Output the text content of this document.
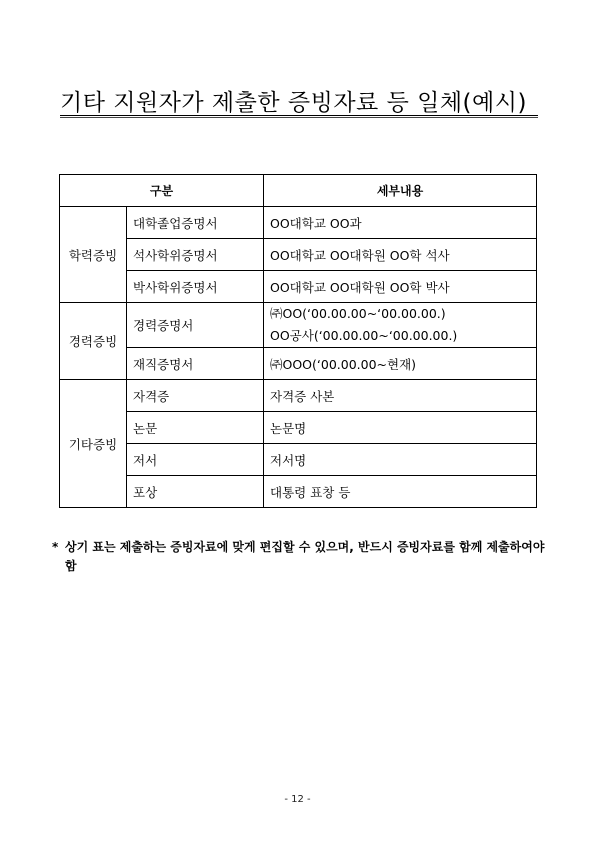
기타 지원자가 제출한 증빙자료 등 일체(예시)
구분		세부내용
학력증빙	대학졸업증명서	OO대학교 OO과
	석사학위증명서	OO대학교 OO대학원 OO학 석사
	박사학위증명서	OO대학교 OO대학원 OO학 박사
경력증빙	경력증명서	㈜OO(‘00.00.00~‘00.00.00.)
OO공사(‘00.00.00~‘00.00.00.)

	재직증명서	㈜OOO(‘00.00.00~현재)
기타증빙	자격증	자격증 사본
	논문	논문명
	저서	저서명
	포상	대통령 표창 등

* 상기 표는 제출하는 증빙자료에 맞게 편집할 수 있으며, 반드시 증빙자료를 함께 제출하여야 함

- 12 -
